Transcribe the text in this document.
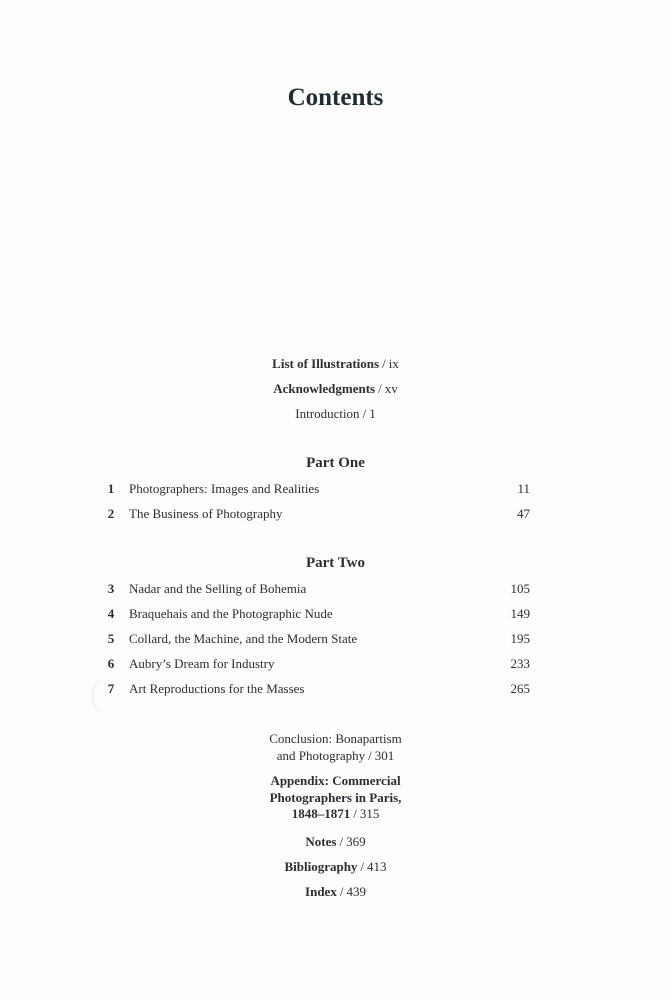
Contents
List of Illustrations / ix
Acknowledgments / xv
Introduction / 1
Part One
1 Photographers: Images and Realities	11
2 The Business of Photography	47
Part Two
3 Nadar and the Selling of Bohemia	105
4 Braquehais and the Photographic Nude	149
5 Collard, the Machine, and the Modern State	195
6 Aubry’s Dream for Industry	233
7 Art Reproductions for the Masses	265
Conclusion: Bonapartism
and Photography / 301
Appendix: Commercial
Photographers in Paris,
1848–1871 / 315
Notes / 369
Bibliography / 413
Index / 439
